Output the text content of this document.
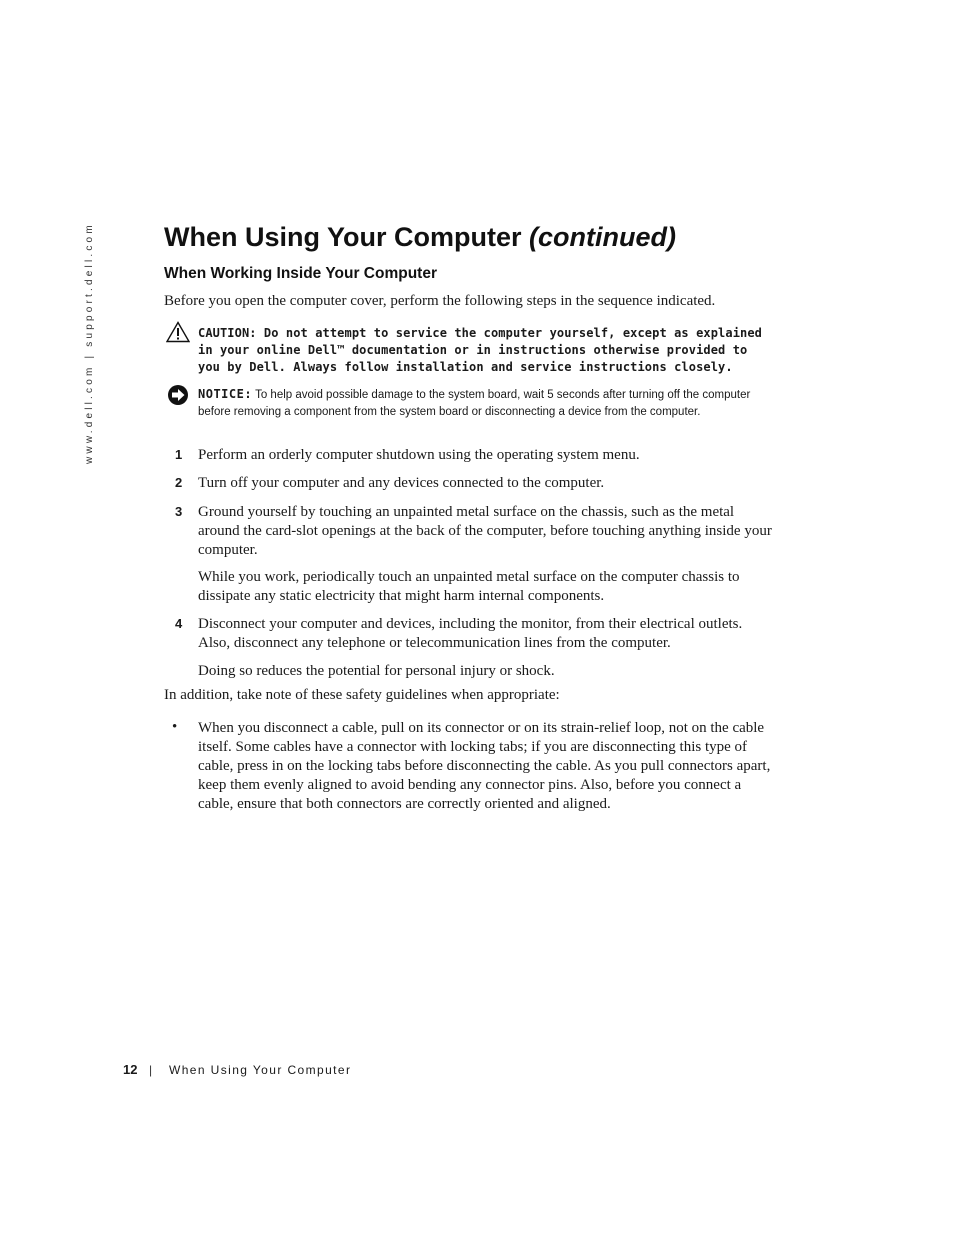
www.dell.com | support.dell.com	When Using Your Computer (continued)
When Working Inside Your Computer

Before you open the computer cover, perform the following steps in the sequence indicated.

CAUTION: Do not attempt to service the computer yourself, except as explained in your online Dell™ documentation or in instructions otherwise provided to you by Dell. Always follow installation and service instructions closely.

NOTICE: To help avoid possible damage to the system board, wait 5 seconds after turning off the computer before removing a component from the system board or disconnecting a device from the computer.

1 Perform an orderly computer shutdown using the operating system menu.

2 Turn off your computer and any devices connected to the computer.

3 Ground yourself by touching an unpainted metal surface on the chassis, such as the metal around the card-slot openings at the back of the computer, before touching anything inside your computer.

While you work, periodically touch an unpainted metal surface on the computer chassis to dissipate any static electricity that might harm internal components.

4 Disconnect your computer and devices, including the monitor, from their electrical outlets. Also, disconnect any telephone or telecommunication lines from the computer.

Doing so reduces the potential for personal injury or shock.

In addition, take note of these safety guidelines when appropriate:

• When you disconnect a cable, pull on its connector or on its strain-relief loop, not on the cable itself. Some cables have a connector with locking tabs; if you are disconnecting this type of cable, press in on the locking tabs before disconnecting the cable. As you pull connectors apart, keep them evenly aligned to avoid bending any connector pins. Also, before you connect a cable, ensure that both connectors are correctly oriented and aligned.

12 | When Using Your Computer
